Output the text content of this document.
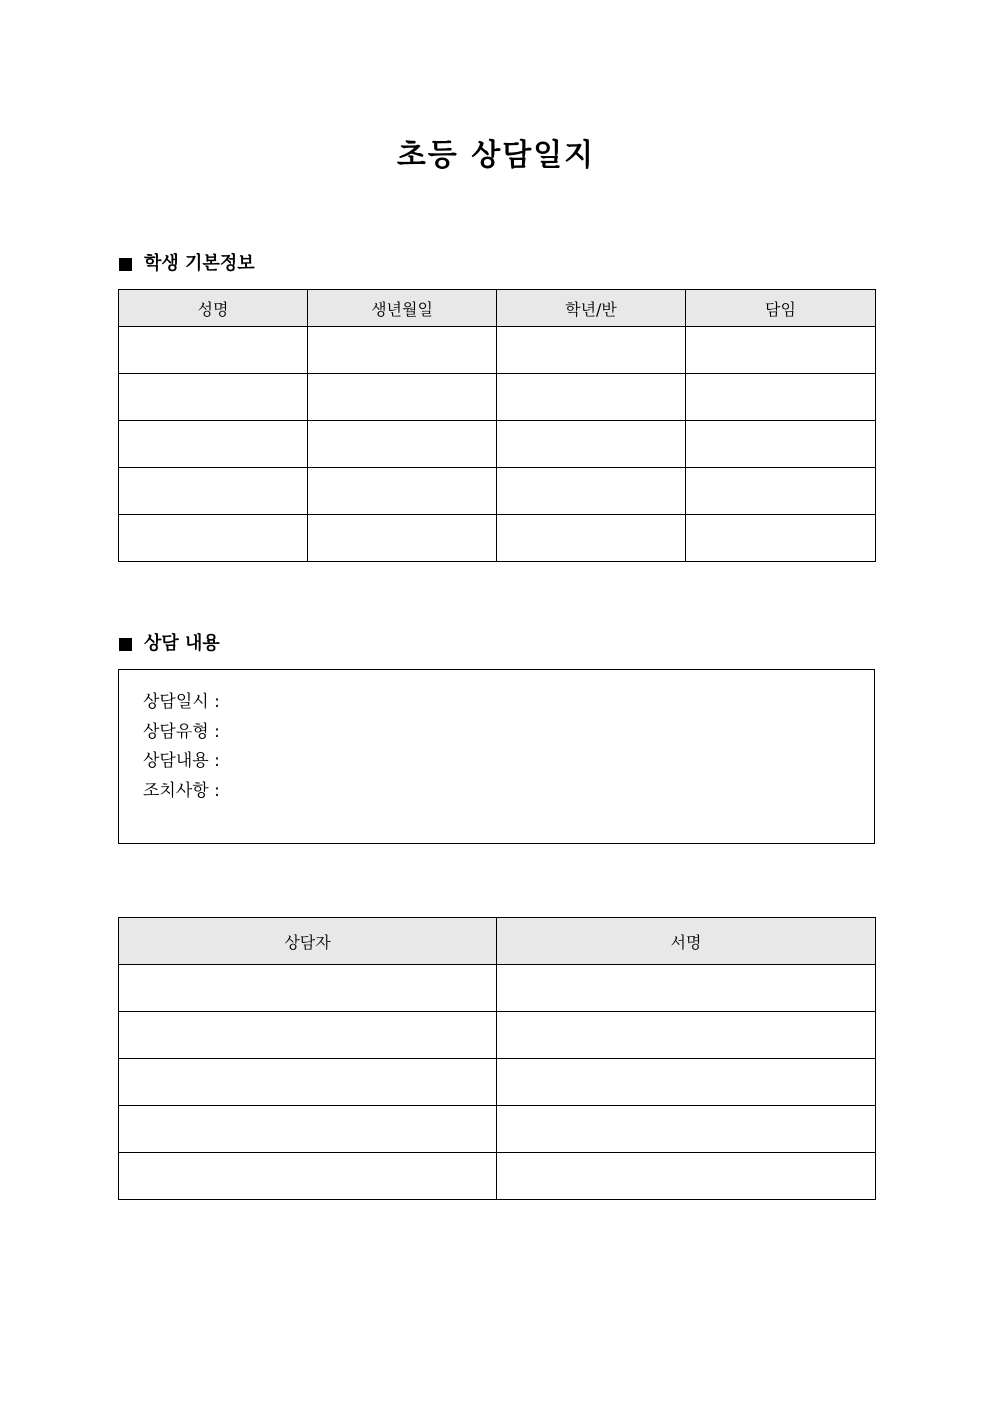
초등 상담일지
학생 기본정보
성명	생년월일	학년/반	담임

상담 내용
상담일시 :
상담유형 :
상담내용 :
조치사항 :
상담자	서명
